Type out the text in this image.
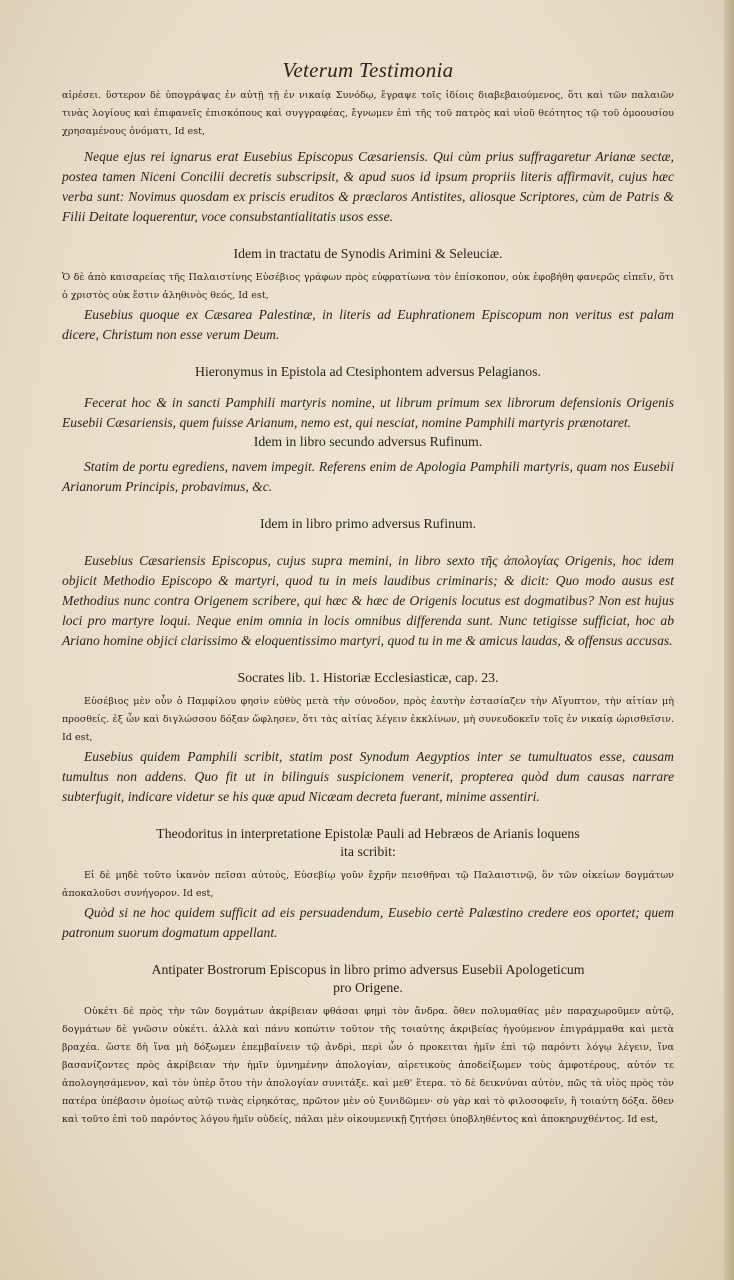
Veterum Testimonia

αἱρέσει. ὕστερον δὲ ὑπογράψας ἐν αὐτῇ τῇ ἐν νικαίᾳ Συνόδῳ, ἔγραψε τοῖς ἰδίοις διαβεβαιούμενος, ὅτι καὶ τῶν παλαιῶν τινὰς λογίους καὶ ἐπιφανεῖς ἐπισκόπους καὶ συγγραφέας, ἔγνωμεν ἐπὶ τῆς τοῦ πατρὸς καὶ υἱοῦ θεότητος τῷ τοῦ ὁμοουσίου χρησαμένους ὀνόματι, Id est,

Neque ejus rei ignarus erat Eusebius Episcopus Cæsariensis. Qui cùm prius suffragaretur Arianæ sectæ, postea tamen Niceni Concilii decretis subscripsit, & apud suos id ipsum propriis literis affirmavit, cujus hæc verba sunt: Novimus quosdam ex priscis eruditos & præclaros Antistites, aliosque Scriptores, cùm de Patris & Filii Deitate loquerentur, voce consubstantialitatis usos esse.

Idem in tractatu de Synodis Arimini & Seleuciæ.

Ὁ δὲ ἀπὸ καισαρείας τῆς Παλαιστίνης Εὐσέβιος γράφων πρὸς εὐφρατίωνα τὸν ἐπίσκοπον, οὐκ ἐφοβήθη φανερῶς εἰπεῖν, ὅτι ὁ χριστὸς οὐκ ἔστιν ἀληθινὸς θεός, Id est,

Eusebius quoque ex Cæsarea Palestinæ, in literis ad Euphrationem Episcopum non veritus est palam dicere, Christum non esse verum Deum.

Hieronymus in Epistola ad Ctesiphontem adversus Pelagianos.

Fecerat hoc & in sancti Pamphili martyris nomine, ut librum primum sex librorum defensionis Origenis Eusebii Cæsariensis, quem fuisse Arianum, nemo est, qui nesciat, nomine Pamphili martyris prænotaret.

Idem in libro secundo adversus Rufinum.

Statim de portu egrediens, navem impegit. Referens enim de Apologia Pamphili martyris, quam nos Eusebii Arianorum Principis, probavimus, &c.

Idem in libro primo adversus Rufinum.

Eusebius Cæsariensis Episcopus, cujus supra memini, in libro sexto τῆς ἀπολογίας Origenis, hoc idem objicit Methodio Episcopo & martyri, quod tu in meis laudibus criminaris; & dicit: Quo modo ausus est Methodius nunc contra Origenem scribere, qui hæc & hæc de Origenis locutus est dogmatibus? Non est hujus loci pro martyre loqui. Neque enim omnia in locis omnibus differenda sunt. Nunc tetigisse sufficiat, hoc ab Ariano homine objici clarissimo & eloquentissimo martyri, quod tu in me & amicus laudas, & offensus accusas.

Socrates lib. 1. Historiæ Ecclesiasticæ, cap. 23.

Εὐσέβιος μὲν οὖν ὁ Παμφίλου φησὶν εὐθὺς μετὰ τὴν σύνοδον, πρὸς ἑαυτὴν ἐστασίαζεν τὴν Αἴγυπτον, τὴν αἰτίαν μὴ προσθείς. ἐξ ὧν καὶ διγλώσσου δόξαν ὤφλησεν, ὅτι τὰς αἰτίας λέγειν ἐκκλίνων, μὴ συνευδοκεῖν τοῖς ἐν νικαίᾳ ὡρισθεῖσιν. Id est,

Eusebius quidem Pamphili scribit, statim post Synodum Aegyptios inter se tumultuatos esse, causam tumultus non addens. Quo fit ut in bilinguis suspicionem venerit, propterea quòd dum causas narrare subterfugit, indicare videtur se his quæ apud Nicæam decreta fuerant, minime assentiri.

Theodoritus in interpretatione Epistolæ Pauli ad Hebræos de Arianis loquens
ita scribit:

Εἰ δὲ μηδὲ τοῦτο ἱκανὸν πεῖσαι αὐτούς, Εὐσεβίῳ γοῦν ἔχρῆν πεισθῆναι τῷ Παλαιστινῷ, ὃν τῶν οἰκείων δογμάτων ἀποκαλοῦσι συνήγορον. Id est,

Quòd si ne hoc quidem sufficit ad eis persuadendum, Eusebio certè Palæstino credere eos oportet; quem patronum suorum dogmatum appellant.

Antipater Bostrorum Episcopus in libro primo adversus Eusebii Apologeticum
pro Origene.

Οὐκέτι δὲ πρὸς τὴν τῶν δογμάτων ἀκρίβειαν φθάσαι φημὶ τὸν ἄνδρα. ὅθεν πολυμαθίας μὲν παραχωροῦμεν αὐτῷ, δογμάτων δὲ γνῶσιν οὐκέτι. ἀλλὰ καὶ πάνυ κοπώτιν τοῦτον τῆς τοιαύτης ἀκριβείας ἡγούμενον ἐπιγράμμαθα καὶ μετὰ βραχέα. ὥστε δὴ ἵνα μὴ δόξωμεν ἐπεμβαίνειν τῷ ἀνδρὶ, περὶ ὧν ὁ προκειται ἡμῖν ἐπὶ τῷ παρόντι λόγῳ λέγειν, ἵνα βασανίζοντες πρὸς ἀκρίβειαν τὴν ἡμῖν ὑμνημένην ἀπολογίαν, αἱρετικοὺς ἀποδείξωμεν τοὺς ἀμφοτέρους, αὐτόν τε ἀπολογησάμενον, καὶ τὸν ὑπὲρ ὅτου τὴν ἀπολογίαν συνιτάξε. καὶ μεθ' ἕτερα. τὸ δὲ δεικνύναι αὐτὸν, πῶς τὰ υἱὸς πρὸς τὸν πατέρα ὑπέβασιν ὁμοίως αὐτῷ τινὰς εἰρηκότας, πρῶτον μὲν οὐ ξυνιδῶμεν· σὺ γὰρ καὶ τὸ φιλοσοφεῖν, ἢ τοιαύτη δόξα. ὅθεν καὶ τοῦτο ἐπὶ τοῦ παρόντος λόγου ἡμῖν οὐδείς, πάλαι μὲν οἰκουμενικῇ ζητήσει ὑποβληθέντος καὶ ἀποκηρυχθέντος. Id est,
